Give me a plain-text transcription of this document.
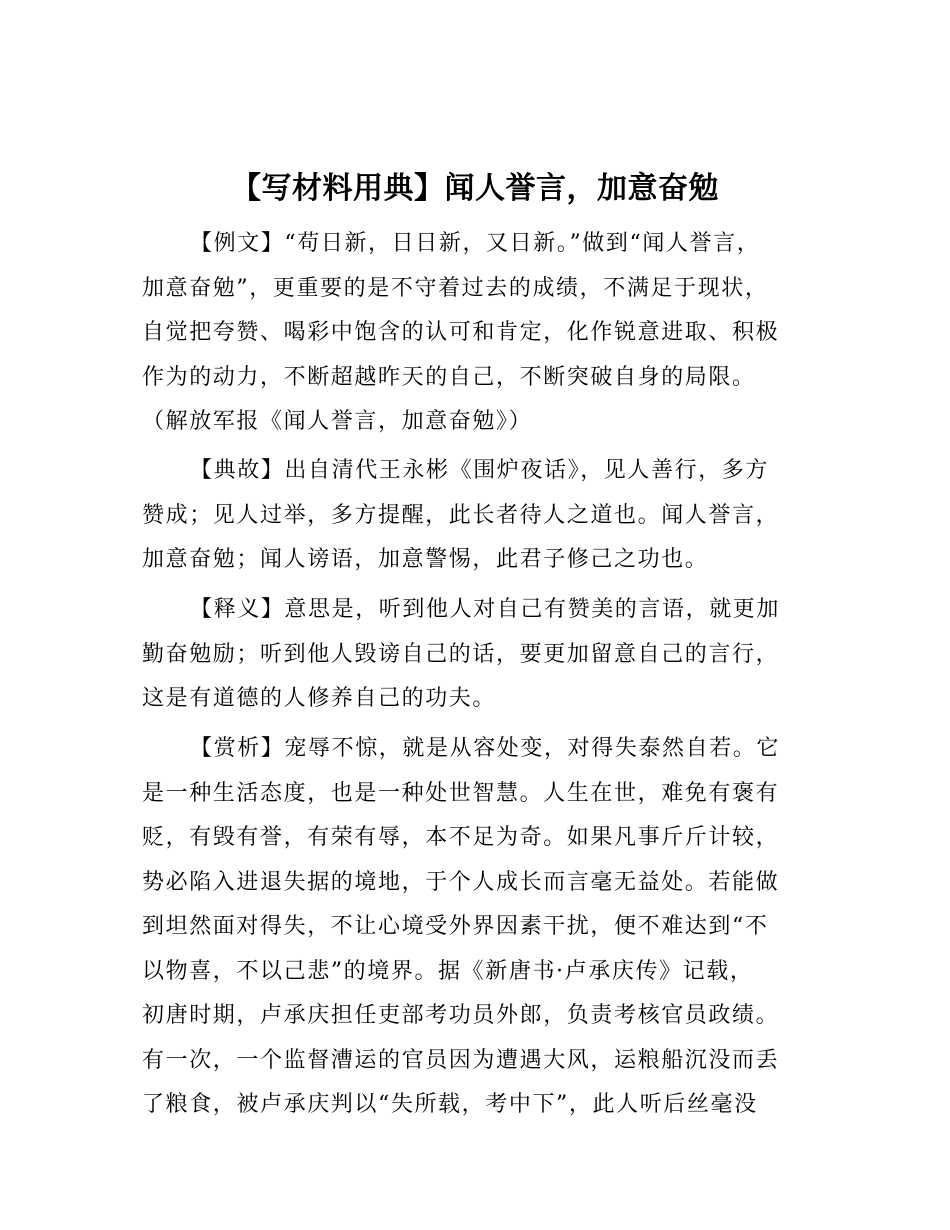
【写材料用典】闻人誉言，加意奋勉
【例文】“苟日新，日日新，又日新。”做到“闻人誉言，
加意奋勉”，更重要的是不守着过去的成绩，不满足于现状，
自觉把夸赞、喝彩中饱含的认可和肯定，化作锐意进取、积极
作为的动力，不断超越昨天的自己，不断突破自身的局限。
（解放军报《闻人誉言，加意奋勉》）
【典故】出自清代王永彬《围炉夜话》，见人善行，多方
赞成；见人过举，多方提醒，此长者待人之道也。闻人誉言，
加意奋勉；闻人谤语，加意警惕，此君子修己之功也。
【释义】意思是，听到他人对自己有赞美的言语，就更加
勤奋勉励；听到他人毁谤自己的话，要更加留意自己的言行，
这是有道德的人修养自己的功夫。
【赏析】宠辱不惊，就是从容处变，对得失泰然自若。它
是一种生活态度，也是一种处世智慧。人生在世，难免有褒有
贬，有毁有誉，有荣有辱，本不足为奇。如果凡事斤斤计较，
势必陷入进退失据的境地，于个人成长而言毫无益处。若能做
到坦然面对得失，不让心境受外界因素干扰，便不难达到“不
以物喜，不以己悲”的境界。据《新唐书·卢承庆传》记载，
初唐时期，卢承庆担任吏部考功员外郎，负责考核官员政绩。
有一次，一个监督漕运的官员因为遭遇大风，运粮船沉没而丢
了粮食，被卢承庆判以“失所载，考中下”，此人听后丝毫没
